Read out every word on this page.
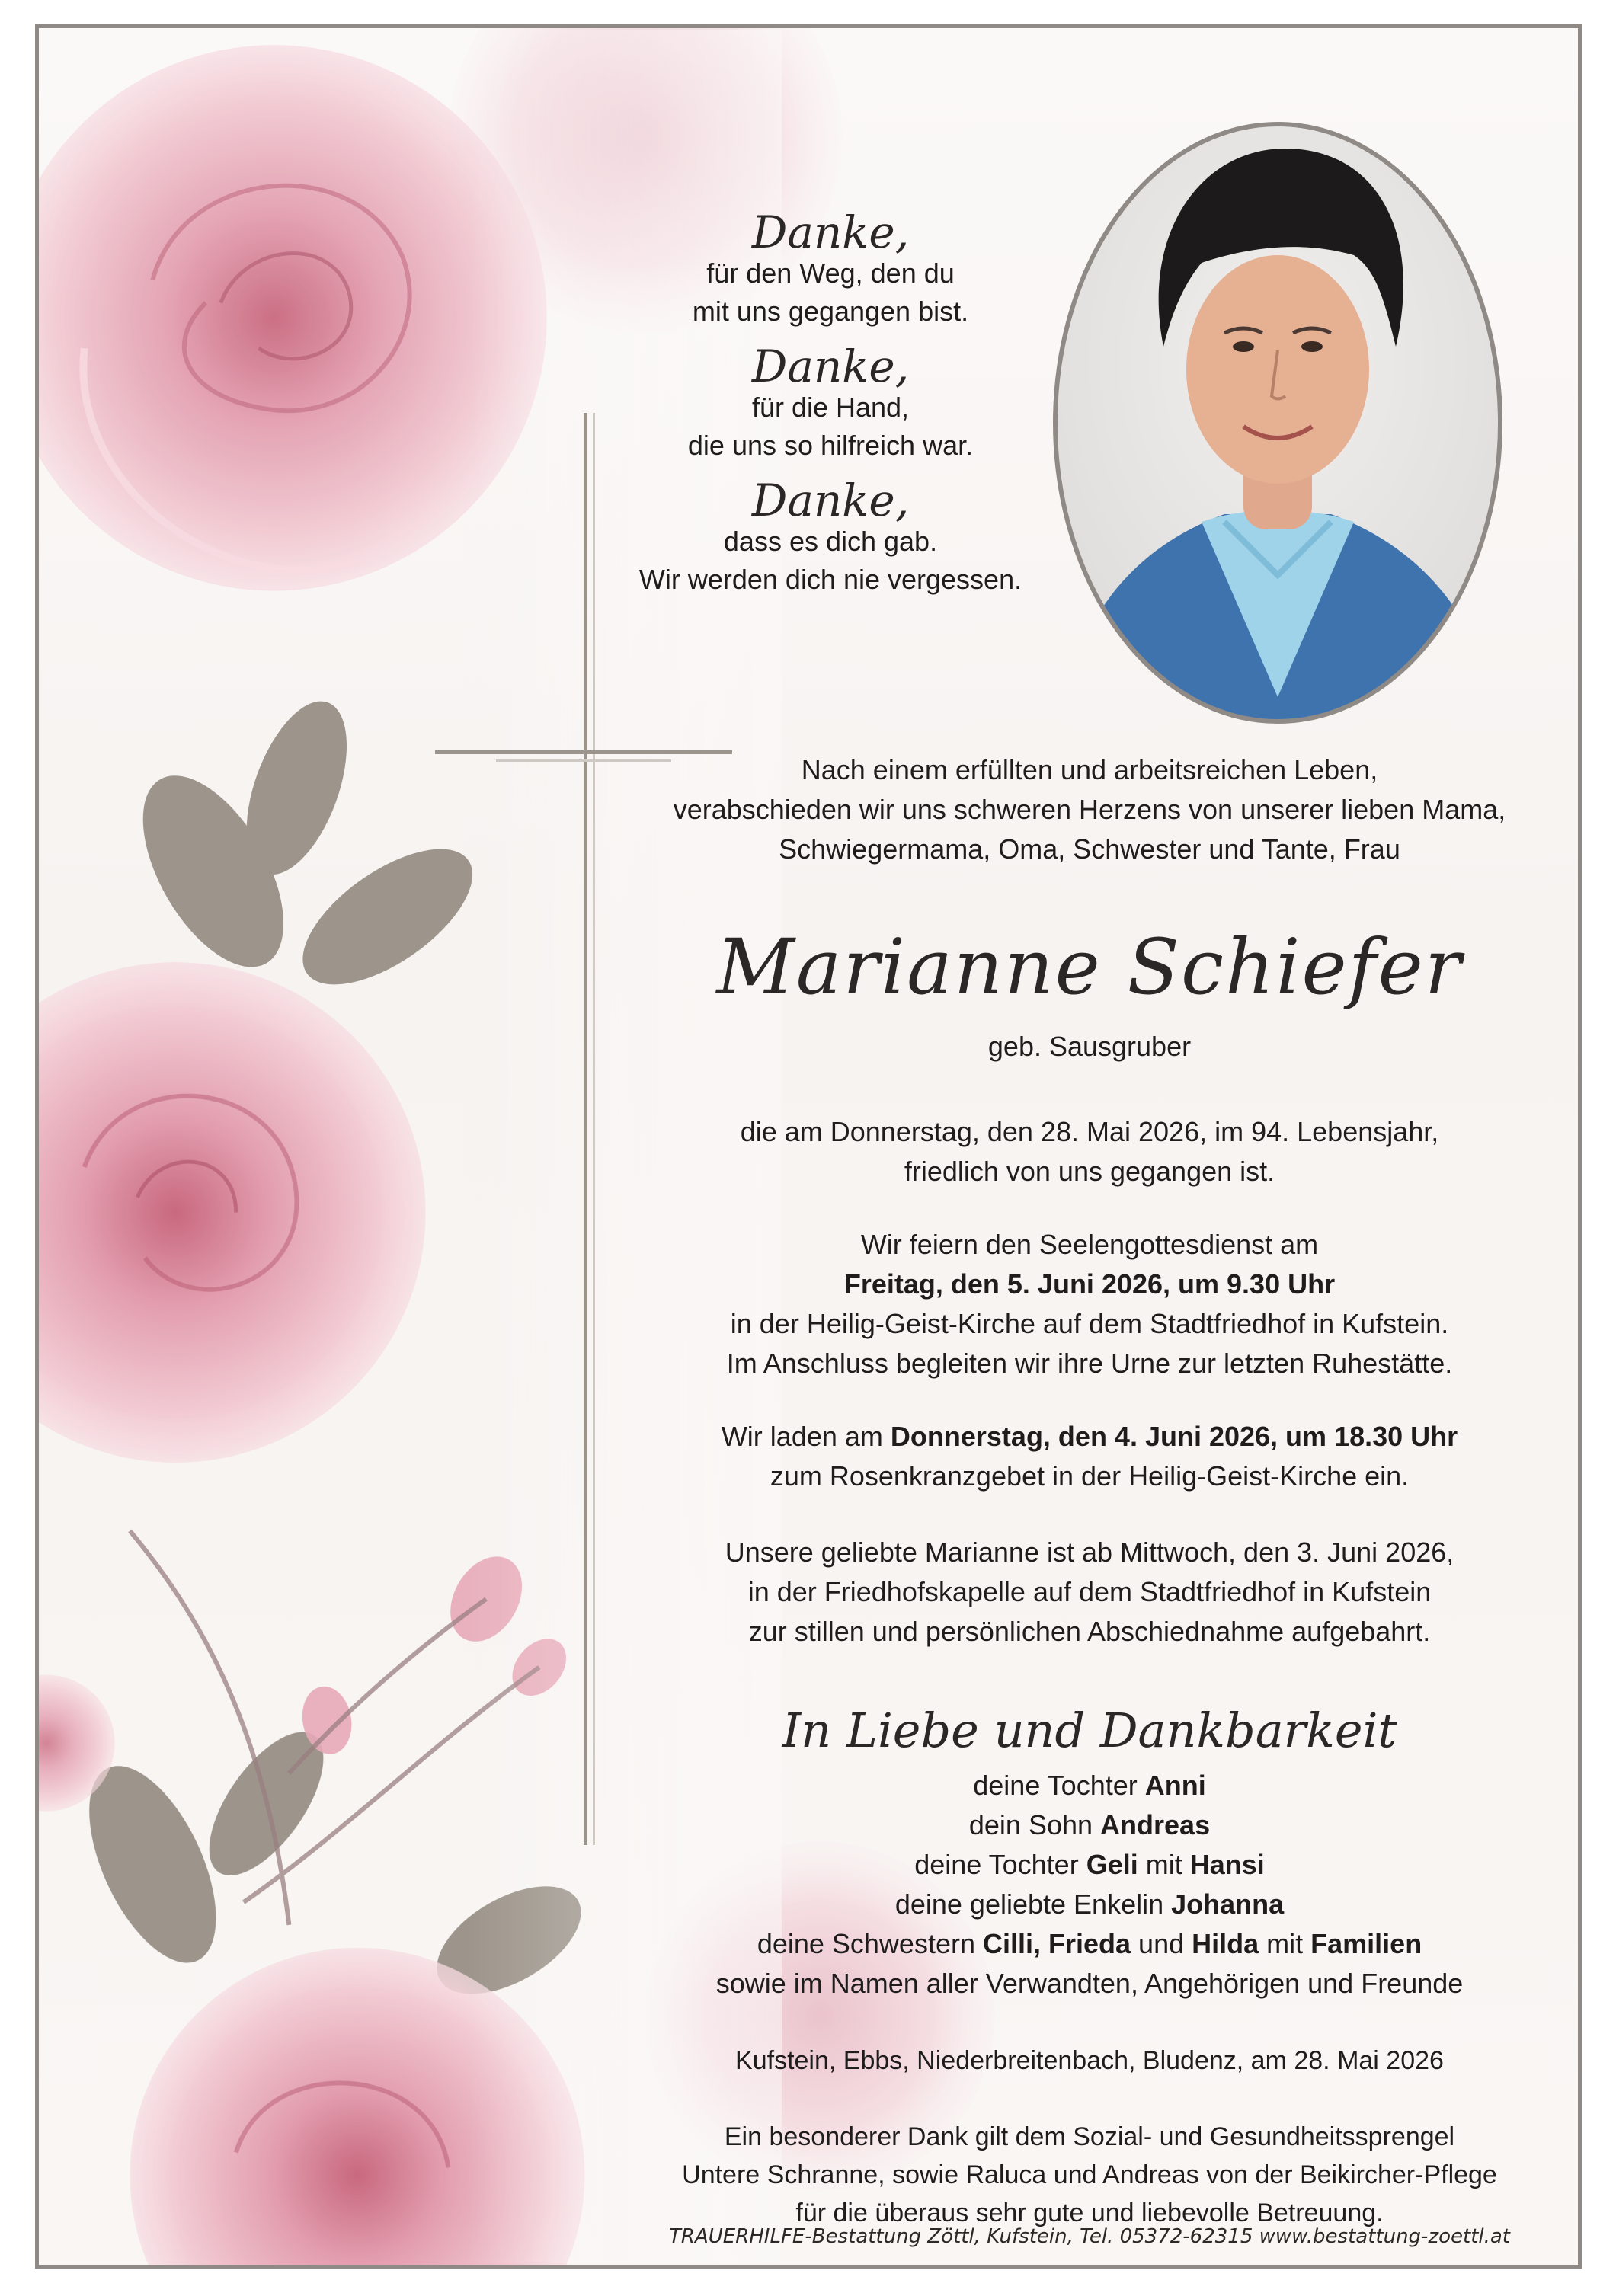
Danke,
für den Weg, den du
mit uns gegangen bist.
Danke,
für die Hand,
die uns so hilfreich war.
Danke,
dass es dich gab.
Wir werden dich nie vergessen.
Nach einem erfüllten und arbeitsreichen Leben,
verabschieden wir uns schweren Herzens von unserer lieben Mama,
Schwiegermama, Oma, Schwester und Tante, Frau
Marianne Schiefer
geb. Sausgruber
die am Donnerstag, den 28. Mai 2026, im 94. Lebensjahr,
friedlich von uns gegangen ist.
Wir feiern den Seelengottesdienst am
Freitag, den 5. Juni 2026, um 9.30 Uhr
in der Heilig-Geist-Kirche auf dem Stadtfriedhof in Kufstein.
Im Anschluss begleiten wir ihre Urne zur letzten Ruhestätte.
Wir laden am Donnerstag, den 4. Juni 2026, um 18.30 Uhr
zum Rosenkranzgebet in der Heilig-Geist-Kirche ein.
Unsere geliebte Marianne ist ab Mittwoch, den 3. Juni 2026,
in der Friedhofskapelle auf dem Stadtfriedhof in Kufstein
zur stillen und persönlichen Abschiednahme aufgebahrt.
In Liebe und Dankbarkeit
deine Tochter Anni
dein Sohn Andreas
deine Tochter Geli mit Hansi
deine geliebte Enkelin Johanna
deine Schwestern Cilli, Frieda und Hilda mit Familien
sowie im Namen aller Verwandten, Angehörigen und Freunde
Kufstein, Ebbs, Niederbreitenbach, Bludenz, am 28. Mai 2026
Ein besonderer Dank gilt dem Sozial- und Gesundheitssprengel
Untere Schranne, sowie Raluca und Andreas von der Beikircher-Pflege
für die überaus sehr gute und liebevolle Betreuung.
TRAUERHILFE-Bestattung Zöttl, Kufstein, Tel. 05372-62315 www.bestattung-zoettl.at
